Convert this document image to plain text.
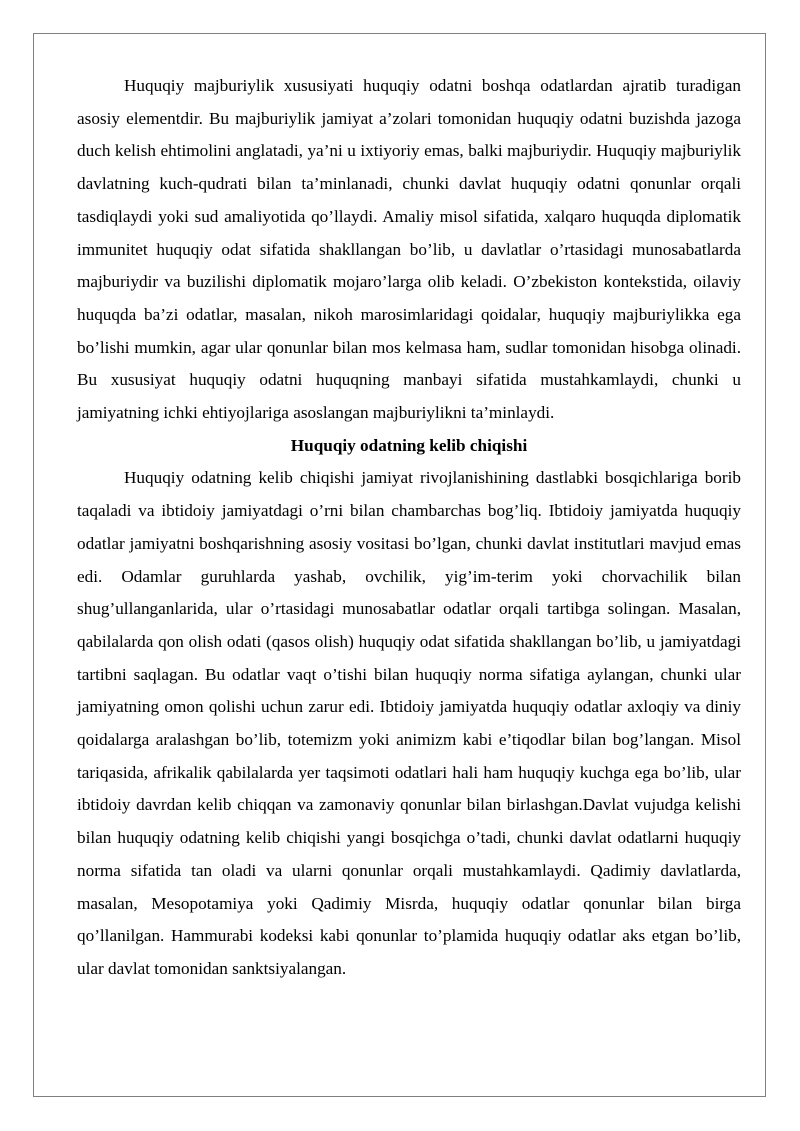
Huquqiy majburiylik xususiyati huquqiy odatni boshqa odatlardan ajratib turadigan asosiy elementdir. Bu majburiylik jamiyat a’zolari tomonidan huquqiy odatni buzishda jazoga duch kelish ehtimolini anglatadi, ya’ni u ixtiyoriy emas, balki majburiydir. Huquqiy majburiylik davlatning kuch-qudrati bilan ta’minlanadi, chunki davlat huquqiy odatni qonunlar orqali tasdiqlaydi yoki sud amaliyotida qo’llaydi. Amaliy misol sifatida, xalqaro huquqda diplomatik immunitet huquqiy odat sifatida shakllangan bo’lib, u davlatlar o’rtasidagi munosabatlarda majburiydir va buzilishi diplomatik mojaro’larga olib keladi. O’zbekiston kontekstida, oilaviy huquqda ba’zi odatlar, masalan, nikoh marosimlaridagi qoidalar, huquqiy majburiylikka ega bo’lishi mumkin, agar ular qonunlar bilan mos kelmasa ham, sudlar tomonidan hisobga olinadi. Bu xususiyat huquqiy odatni huquqning manbayi sifatida mustahkamlaydi, chunki u jamiyatning ichki ehtiyojlariga asoslangan majburiylikni ta’minlaydi.

Huquqiy odatning kelib chiqishi

Huquqiy odatning kelib chiqishi jamiyat rivojlanishining dastlabki bosqichlariga borib taqaladi va ibtidoiy jamiyatdagi o’rni bilan chambarchas bog’liq. Ibtidoiy jamiyatda huquqiy odatlar jamiyatni boshqarishning asosiy vositasi bo’lgan, chunki davlat institutlari mavjud emas edi. Odamlar guruhlarda yashab, ovchilik, yig’im-terim yoki chorvachilik bilan shug’ullanganlarida, ular o’rtasidagi munosabatlar odatlar orqali tartibga solingan. Masalan, qabilalarda qon olish odati (qasos olish) huquqiy odat sifatida shakllangan bo’lib, u jamiyatdagi tartibni saqlagan. Bu odatlar vaqt o’tishi bilan huquqiy norma sifatiga aylangan, chunki ular jamiyatning omon qolishi uchun zarur edi. Ibtidoiy jamiyatda huquqiy odatlar axloqiy va diniy qoidalarga aralashgan bo’lib, totemizm yoki animizm kabi e’tiqodlar bilan bog’langan. Misol tariqasida, afrikalik qabilalarda yer taqsimoti odatlari hali ham huquqiy kuchga ega bo’lib, ular ibtidoiy davrdan kelib chiqqan va zamonaviy qonunlar bilan birlashgan.Davlat vujudga kelishi bilan huquqiy odatning kelib chiqishi yangi bosqichga o’tadi, chunki davlat odatlarni huquqiy norma sifatida tan oladi va ularni qonunlar orqali mustahkamlaydi. Qadimiy davlatlarda, masalan, Mesopotamiya yoki Qadimiy Misrda, huquqiy odatlar qonunlar bilan birga qo’llanilgan. Hammurabi kodeksi kabi qonunlar to’plamida huquqiy odatlar aks etgan bo’lib, ular davlat tomonidan sanktsiyalangan.
